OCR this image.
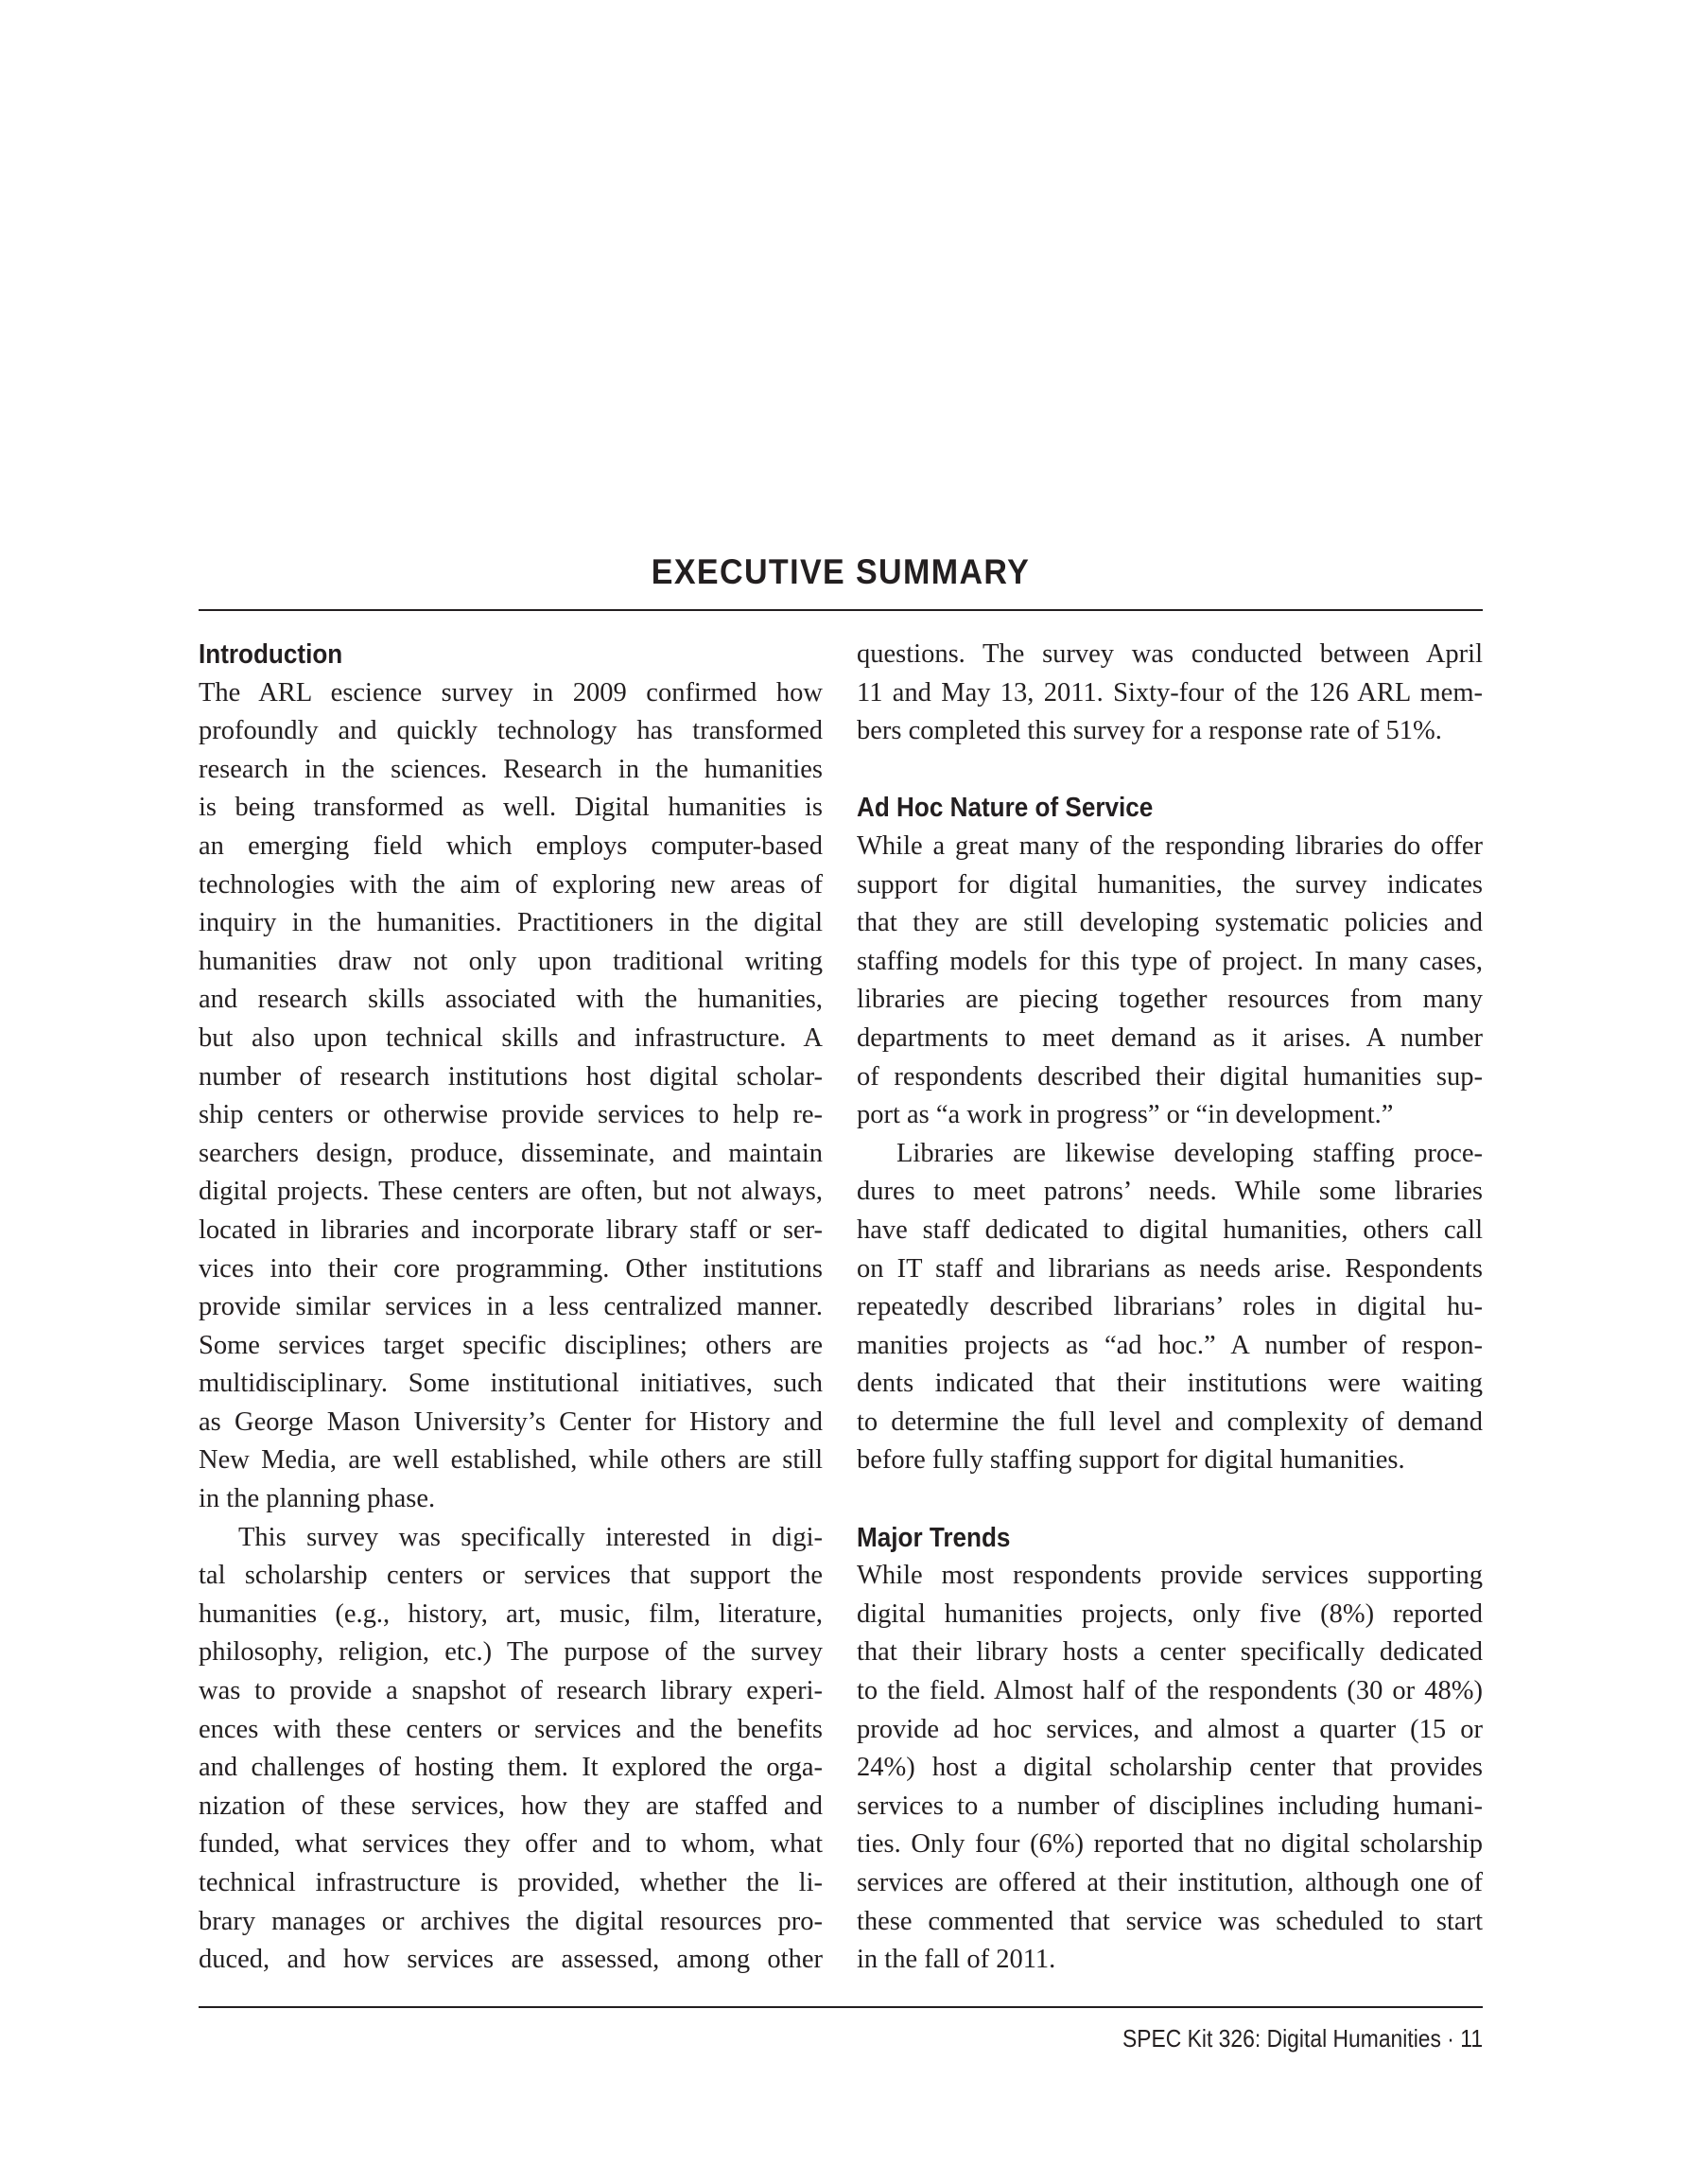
EXECUTIVE SUMMARY
Introduction

The ARL escience survey in 2009 confirmed how
profoundly and quickly technology has transformed
research in the sciences. Research in the humanities
is being transformed as well. Digital humanities is
an emerging field which employs computer-based
technologies with the aim of exploring new areas of
inquiry in the humanities. Practitioners in the digital
humanities draw not only upon traditional writing
and research skills associated with the humanities,
but also upon technical skills and infrastructure. A
number of research institutions host digital scholar-
ship centers or otherwise provide services to help re-
searchers design, produce, disseminate, and maintain
digital projects. These centers are often, but not always,
located in libraries and incorporate library staff or ser-
vices into their core programming. Other institutions
provide similar services in a less centralized manner.
Some services target specific disciplines; others are
multidisciplinary. Some institutional initiatives, such
as George Mason University’s Center for History and
New Media, are well established, while others are still
in the planning phase.

This survey was specifically interested in digi-
tal scholarship centers or services that support the
humanities (e.g., history, art, music, film, literature,
philosophy, religion, etc.) The purpose of the survey
was to provide a snapshot of research library experi-
ences with these centers or services and the benefits
and challenges of hosting them. It explored the orga-
nization of these services, how they are staffed and
funded, what services they offer and to whom, what
technical infrastructure is provided, whether the li-
brary manages or archives the digital resources pro-
duced, and how services are assessed, among other

questions. The survey was conducted between April
11 and May 13, 2011. Sixty-four of the 126 ARL mem-
bers completed this survey for a response rate of 51%.

Ad Hoc Nature of Service

While a great many of the responding libraries do offer
support for digital humanities, the survey indicates
that they are still developing systematic policies and
staffing models for this type of project. In many cases,
libraries are piecing together resources from many
departments to meet demand as it arises. A number
of respondents described their digital humanities sup-
port as “a work in progress” or “in development.”

Libraries are likewise developing staffing proce-
dures to meet patrons’ needs. While some libraries
have staff dedicated to digital humanities, others call
on IT staff and librarians as needs arise. Respondents
repeatedly described librarians’ roles in digital hu-
manities projects as “ad hoc.” A number of respon-
dents indicated that their institutions were waiting
to determine the full level and complexity of demand
before fully staffing support for digital humanities.

Major Trends

While most respondents provide services supporting
digital humanities projects, only five (8%) reported
that their library hosts a center specifically dedicated
to the field. Almost half of the respondents (30 or 48%)
provide ad hoc services, and almost a quarter (15 or
24%) host a digital scholarship center that provides
services to a number of disciplines including humani-
ties. Only four (6%) reported that no digital scholarship
services are offered at their institution, although one of
these commented that service was scheduled to start
in the fall of 2011.

SPEC Kit 326: Digital Humanities · 11
